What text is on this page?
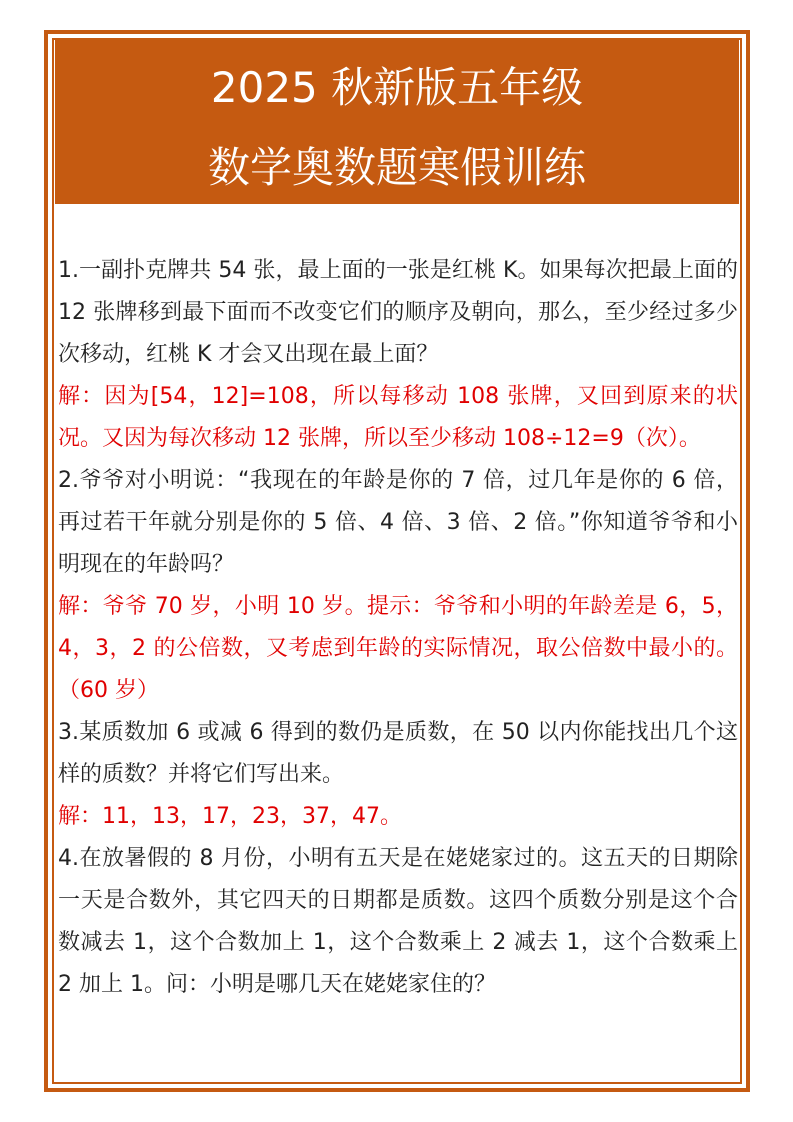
2025 秋新版五年级
数学奥数题寒假训练

1.一副扑克牌共 54 张，最上面的一张是红桃 K。如果每次把最上面的 12 张牌移到最下面而不改变它们的顺序及朝向，那么，至少经过多少次移动，红桃 K 才会又出现在最上面？

解：因为[54，12]=108，所以每移动 108 张牌，又回到原来的状况。又因为每次移动 12 张牌，所以至少移动 108÷12=9（次）。

2.爷爷对小明说：“我现在的年龄是你的 7 倍，过几年是你的 6 倍，再过若干年就分别是你的 5 倍、4 倍、3 倍、2 倍。”你知道爷爷和小明现在的年龄吗？

解：爷爷 70 岁，小明 10 岁。提示：爷爷和小明的年龄差是 6，5，4，3，2 的公倍数，又考虑到年龄的实际情况，取公倍数中最小的。（60 岁）

3.某质数加 6 或减 6 得到的数仍是质数，在 50 以内你能找出几个这样的质数？并将它们写出来。

解：11，13，17，23，37，47。

4.在放暑假的 8 月份，小明有五天是在姥姥家过的。这五天的日期除一天是合数外，其它四天的日期都是质数。这四个质数分别是这个合数减去 1，这个合数加上 1，这个合数乘上 2 减去 1，这个合数乘上 2 加上 1。问：小明是哪几天在姥姥家住的？
